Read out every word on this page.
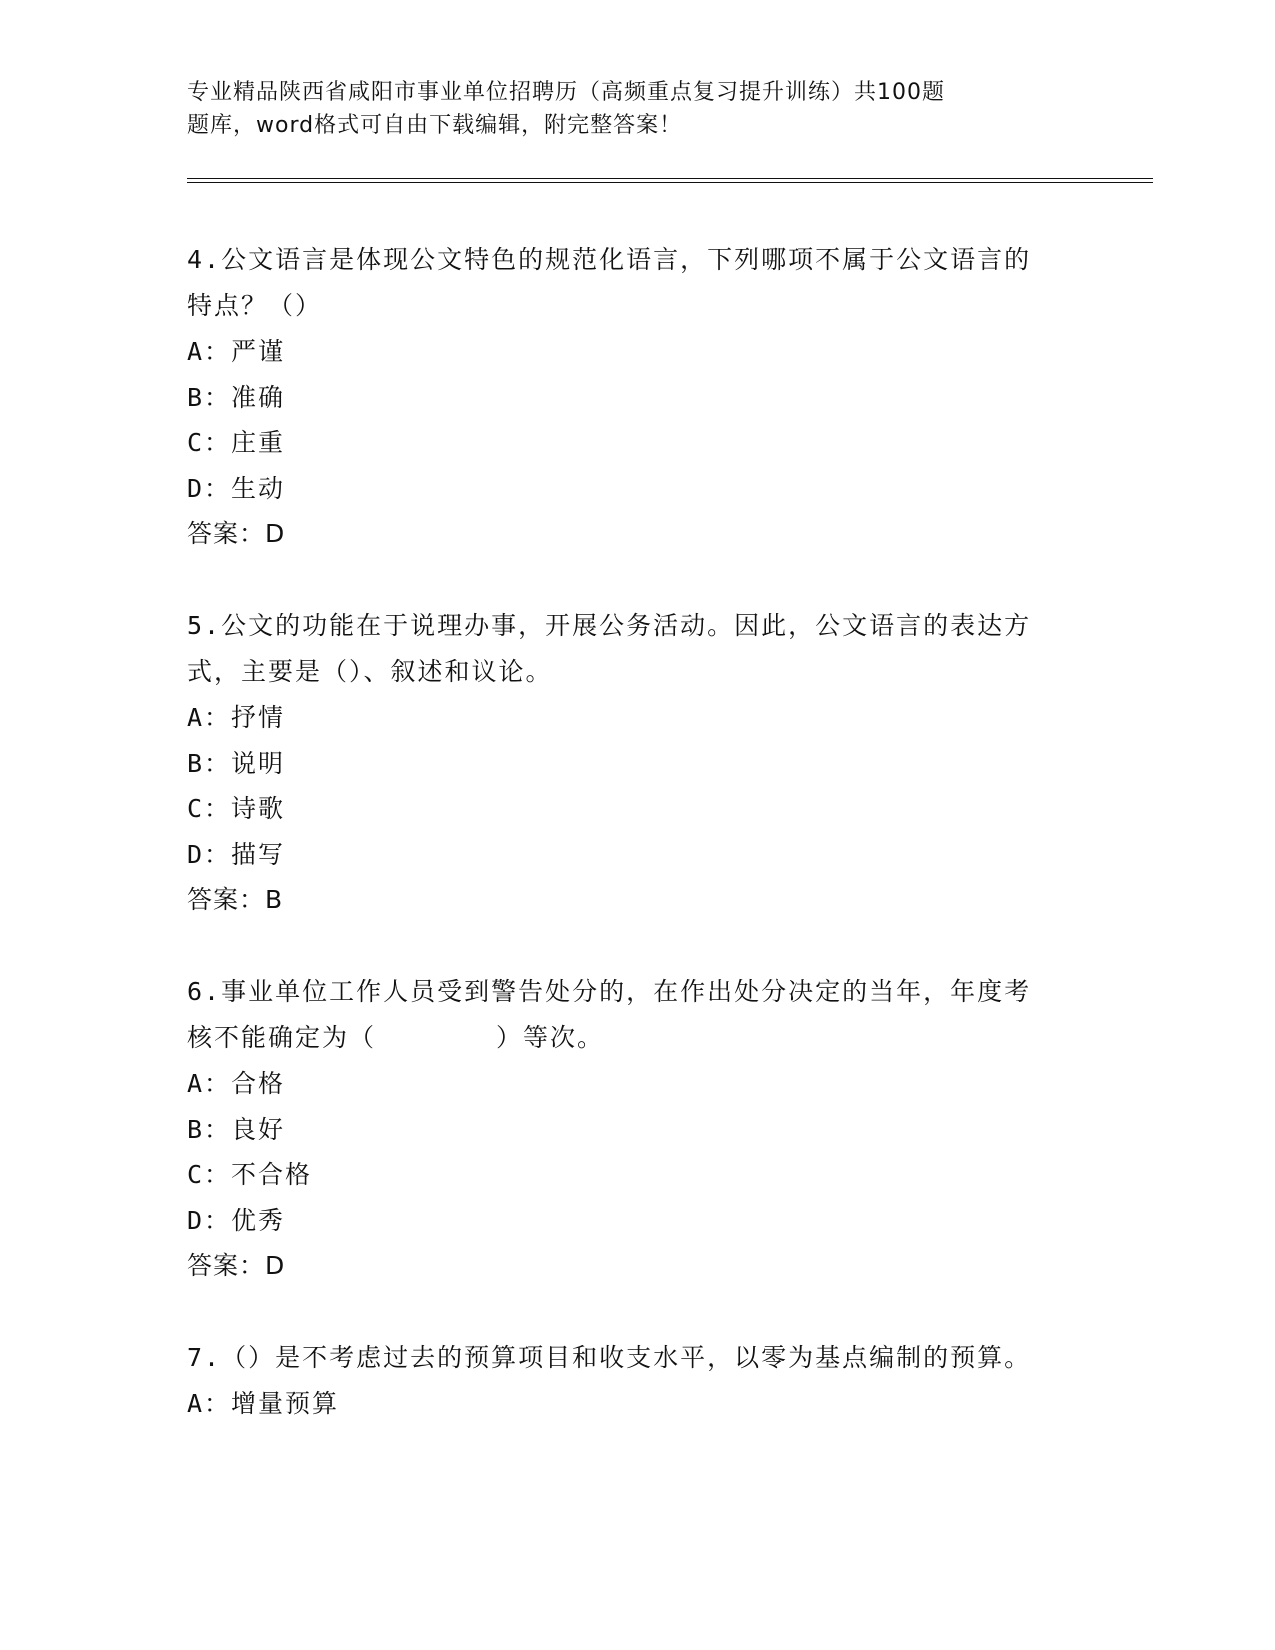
专业精品陕西省咸阳市事业单位招聘历（高频重点复习提升训练）共100题
题库，word格式可自由下载编辑，附完整答案！
4.公文语言是体现公文特色的规范化语言，下列哪项不属于公文语言的特点？（）
A：严谨
B：准确
C：庄重
D：生动
答案：D
5.公文的功能在于说理办事，开展公务活动。因此，公文语言的表达方式，主要是（）、叙述和议论。
A：抒情
B：说明
C：诗歌
D：描写
答案：B
6.事业单位工作人员受到警告处分的，在作出处分决定的当年，年度考核不能确定为（	）等次。
A：合格
B：良好
C：不合格
D：优秀
答案：D
7.（）是不考虑过去的预算项目和收支水平，以零为基点编制的预算。
A：增量预算
